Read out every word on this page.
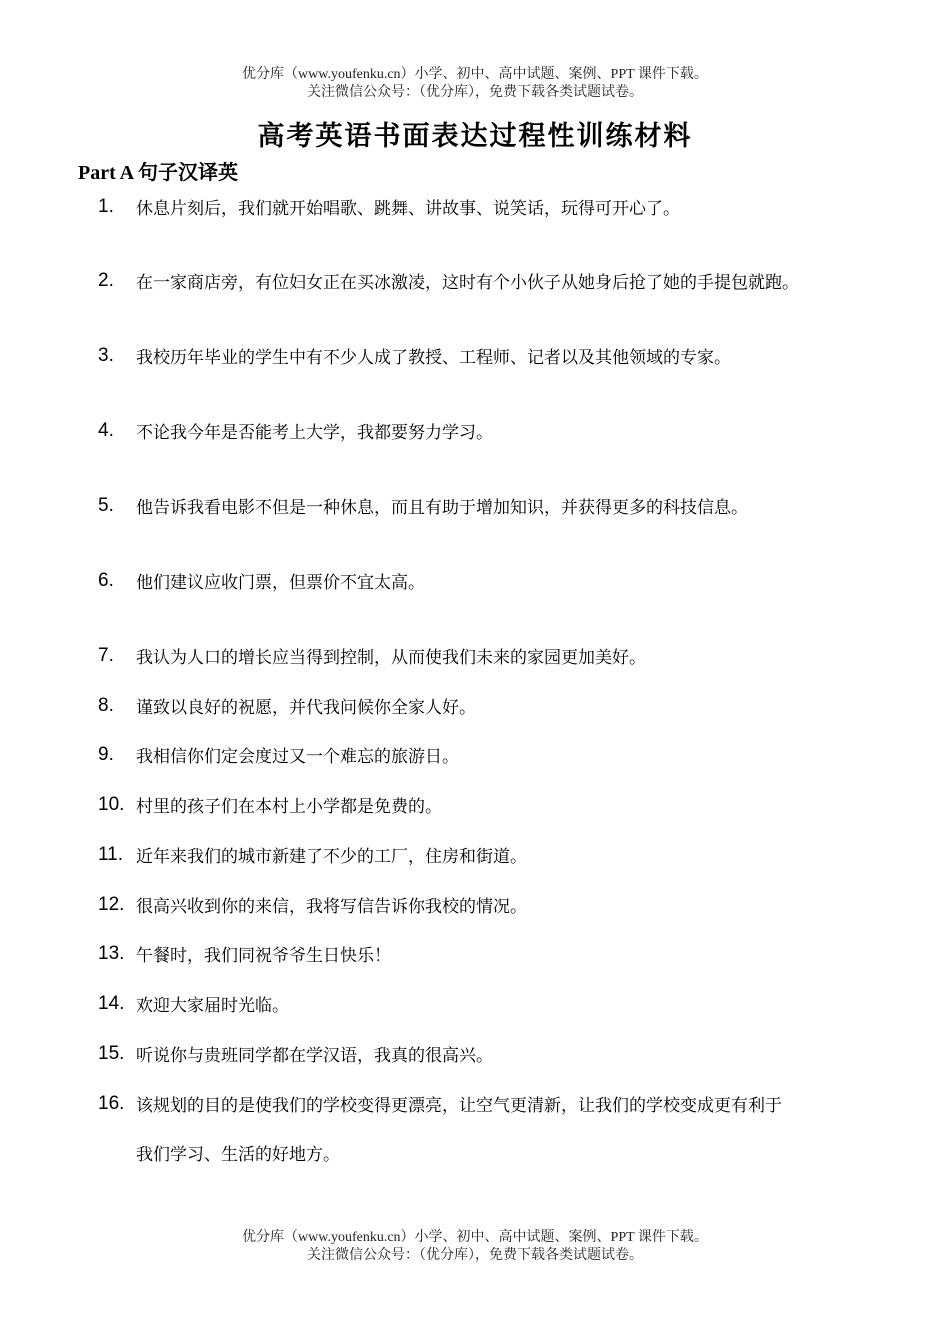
优分库（www.youfenku.cn）小学、初中、高中试题、案例、PPT 课件下载。
关注微信公众号：（优分库），免费下载各类试题试卷。
高考英语书面表达过程性训练材料
Part A 句子汉译英
1.	休息片刻后，我们就开始唱歌、跳舞、讲故事、说笑话，玩得可开心了。
2.	在一家商店旁，有位妇女正在买冰激凌，这时有个小伙子从她身后抢了她的手提包就跑。
3.	我校历年毕业的学生中有不少人成了教授、工程师、记者以及其他领域的专家。
4.	不论我今年是否能考上大学，我都要努力学习。
5.	他告诉我看电影不但是一种休息，而且有助于增加知识，并获得更多的科技信息。
6.	他们建议应收门票，但票价不宜太高。
7.	我认为人口的增长应当得到控制，从而使我们未来的家园更加美好。
8.	谨致以良好的祝愿，并代我问候你全家人好。
9.	我相信你们定会度过又一个难忘的旅游日。
10. 村里的孩子们在本村上小学都是免费的。
11. 近年来我们的城市新建了不少的工厂，住房和街道。
12. 很高兴收到你的来信，我将写信告诉你我校的情况。
13. 午餐时，我们同祝爷爷生日快乐！
14. 欢迎大家届时光临。
15. 听说你与贵班同学都在学汉语，我真的很高兴。
16. 该规划的目的是使我们的学校变得更漂亮，让空气更清新，让我们的学校变成更有利于
我们学习、生活的好地方。
优分库（www.youfenku.cn）小学、初中、高中试题、案例、PPT 课件下载。
关注微信公众号：（优分库），免费下载各类试题试卷。
